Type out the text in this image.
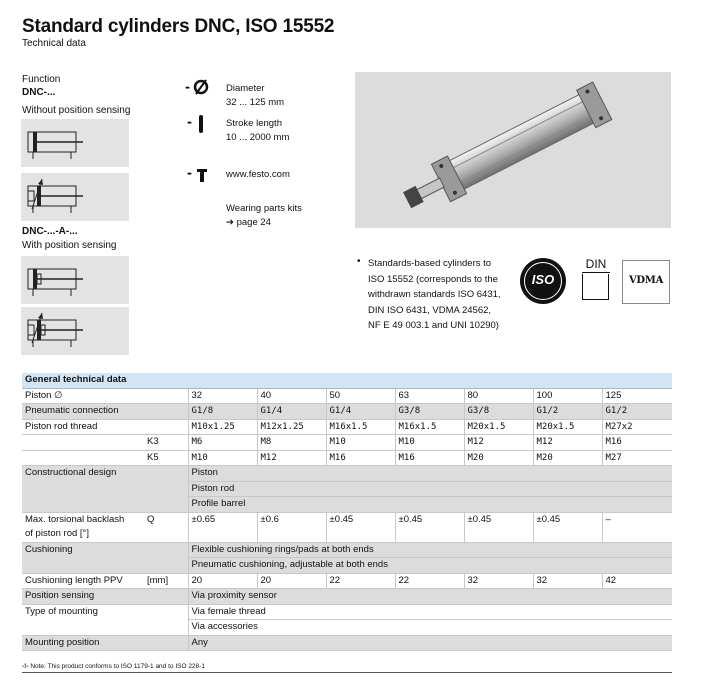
Standard cylinders DNC, ISO 15552
Technical data
Function
DNC-...
Without position sensing
DNC-...-A-...
With position sensing
-	Diameter
32 ... 125 mm
-	Stroke length
10 ... 2000 mm
-	www.festo.com
Wearing parts kits
➔ page 24
• Standards-based cylinders to
ISO 15552 (corresponds to the
withdrawn standards ISO 6431,
DIN ISO 6431, VDMA 24562,
NF E 49 003.1 and UNI 10290)
ISO
DIN
VDMA
General technical data								
Piston ∅		32	40	50	63	80	100	125
Pneumatic connection		G1/8	G1/4	G1/4	G3/8	G3/8	G1/2	G1/2
Piston rod thread		M10x1.25	M12x1.25	M16x1.5	M16x1.5	M20x1.5	M20x1.5	M27x2
K3		M6	M8	M10	M10	M12	M12	M16
K5		M10	M12	M16	M16	M20	M20	M27
Constructional design		Piston						
		Piston rod						
		Profile barrel						
Max. torsional backlash	Q	±0.65	±0.6	±0.45	±0.45	±0.45	±0.45	–
of piston rod [°]								
Cushioning		Flexible cushioning rings/pads at both ends						
		Pneumatic cushioning, adjustable at both ends						
Cushioning length PPV	[mm]	20	20	22	22	32	32	42
Position sensing		Via proximity sensor						
Type of mounting		Via female thread						
		Via accessories						
Mounting position		Any						
-!- Note: This product conforms to ISO 1179-1 and to ISO 228-1
